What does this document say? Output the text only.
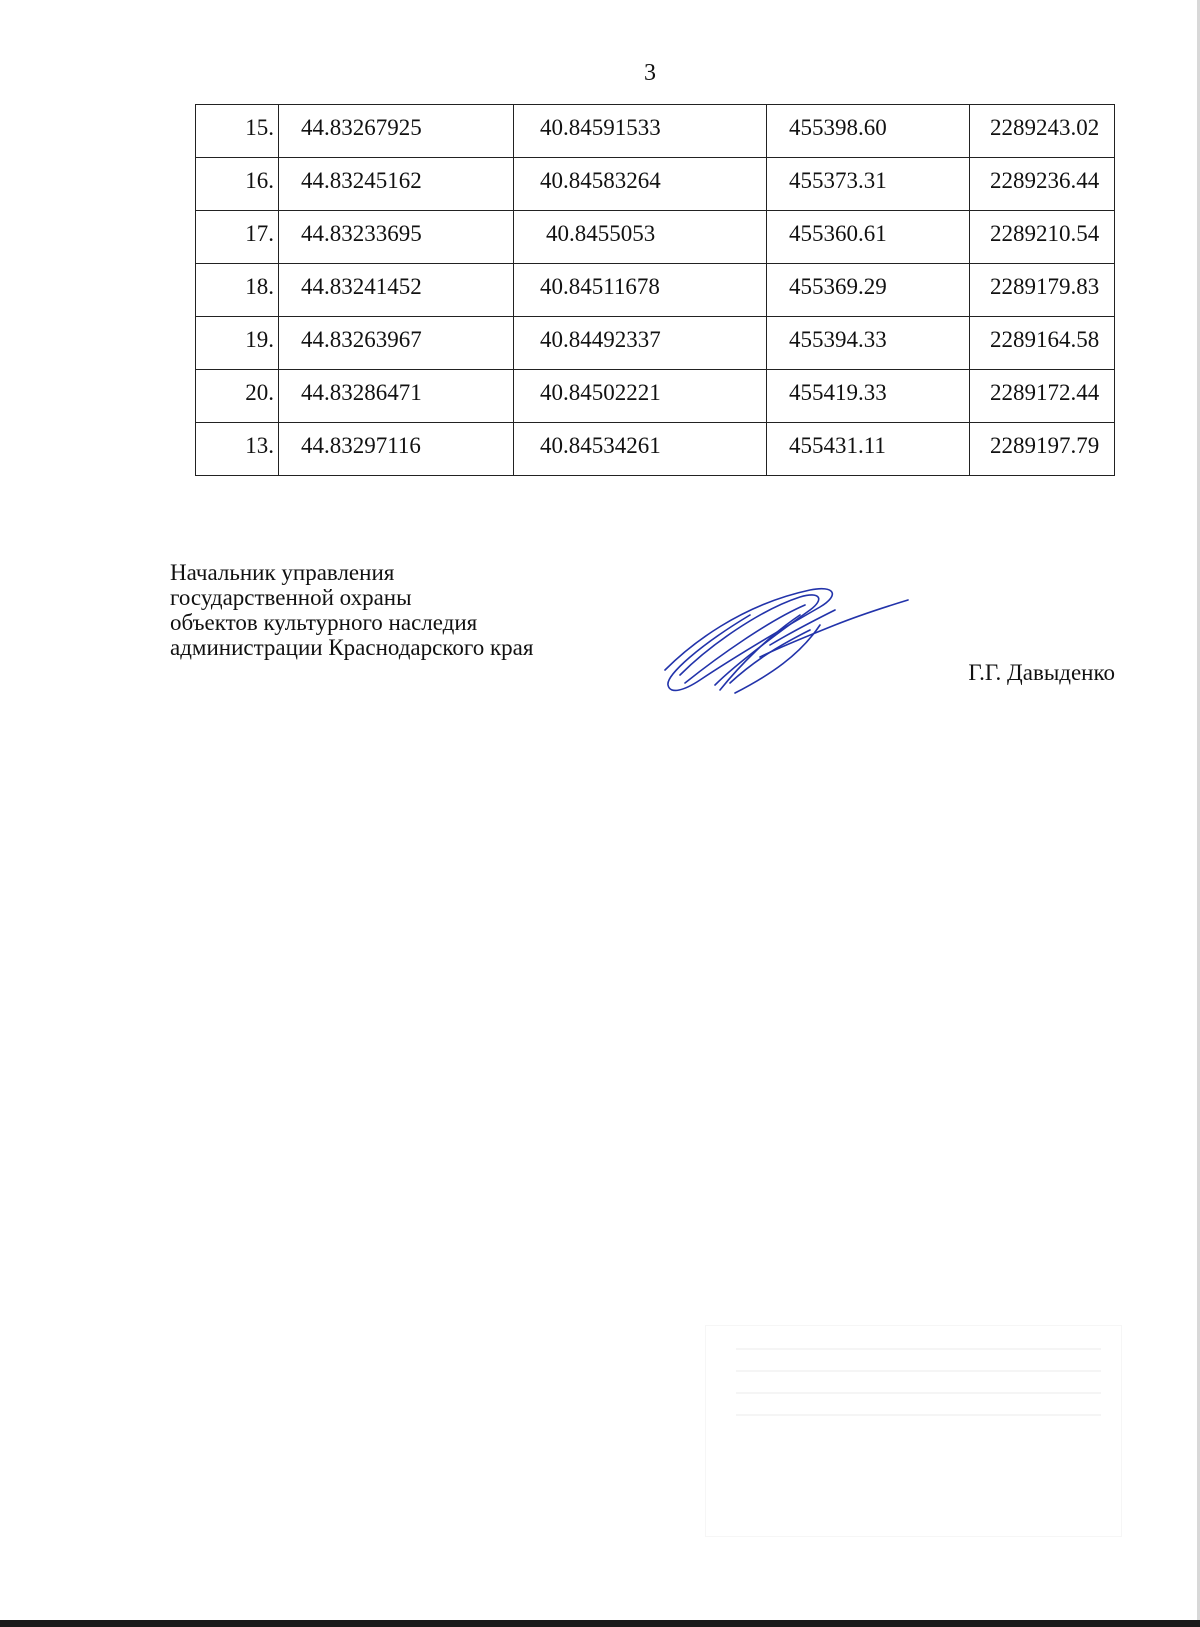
3
15.	44.83267925	40.84591533	455398.60	2289243.02
16.	44.83245162	40.84583264	455373.31	2289236.44
17.	44.83233695	40.8455053	455360.61	2289210.54
18.	44.83241452	40.84511678	455369.29	2289179.83
19.	44.83263967	40.84492337	455394.33	2289164.58
20.	44.83286471	40.84502221	455419.33	2289172.44
13.	44.83297116	40.84534261	455431.11	2289197.79
Начальник управления
государственной охраны
объектов культурного наследия
администрации Краснодарского края
Г.Г. Давыденко
